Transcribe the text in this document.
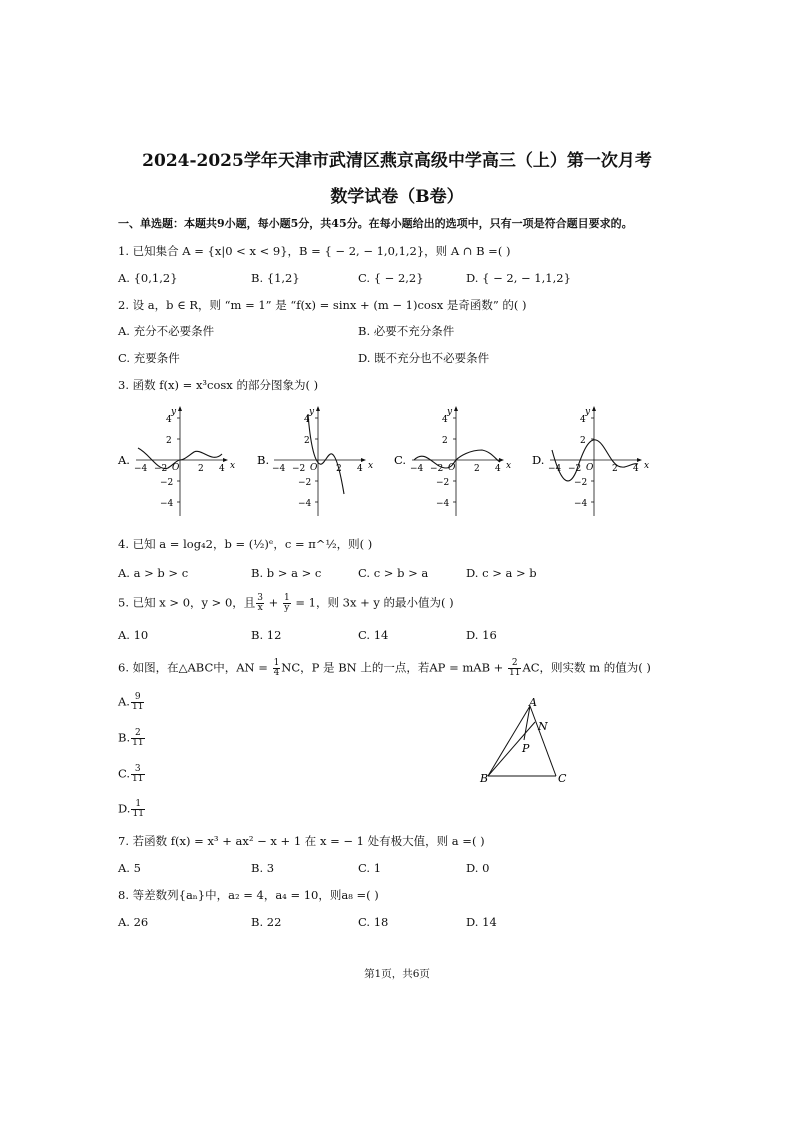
2024-2025学年天津市武清区燕京高级中学高三（上）第一次月考
数学试卷（B卷）
一、单选题：本题共9小题，每小题5分，共45分。在每小题给出的选项中，只有一项是符合题目要求的。
1. 已知集合 A = {x|0 < x < 9}，B = { − 2, − 1,0,1,2}，则 A ∩ B =( )
A. {0,1,2}	B. {1,2}	C. { − 2,2}	D. { − 2, − 1,1,2}
2. 设 a，b ∈ R，则 “m = 1” 是 “f(x) = sinx + (m − 1)cosx 是奇函数” 的( )
A. 充分不必要条件	B. 必要不充分条件
C. 充要条件	D. 既不充分也不必要条件
3. 函数 f(x) = x³cosx 的部分图象为( )
y
x
O
4
2
−2
−4
−4 −2	2 4
A.
y
x
O
4
2
−2
−4
−4 −2	2 4
B.
y
x
O
4
2
−2
−4
−4 −2	2 4
C.
y
x
O
4
2
−2
−4
−4 −2	2 4
D.
4. 已知 a = log₄2，b = (½)ᵉ，c = π^½，则( )
A. a > b > c	B. b > a > c	C. c > b > a	D. c > a > b
5. 已知 x > 0，y > 0，且 $\frac{3}{x} + \frac{1}{y} = 1$，则 3x + y 的最小值为( )
A. 10	B. 12	C. 14	D. 16
6. 如图，在△ABC中，AN = $\frac{1}{4}$ NC，P 是 BN 上的一点，若AP = mAB + $\frac{2}{11}$ AC，则实数 m 的值为( )
A. $\frac{9}{11}$
B. $\frac{2}{11}$
C. $\frac{3}{11}$
D. $\frac{1}{11}$
A
N
P
B	C
7. 若函数 f(x) = x³ + ax² − x + 1 在 x = − 1 处有极大值，则 a =( )
A. 5	B. 3	C. 1	D. 0
8. 等差数列{aₙ}中，a₂ = 4，a₄ = 10，则a₈ =( )
A. 26	B. 22	C. 18	D. 14
第1页，共6页
